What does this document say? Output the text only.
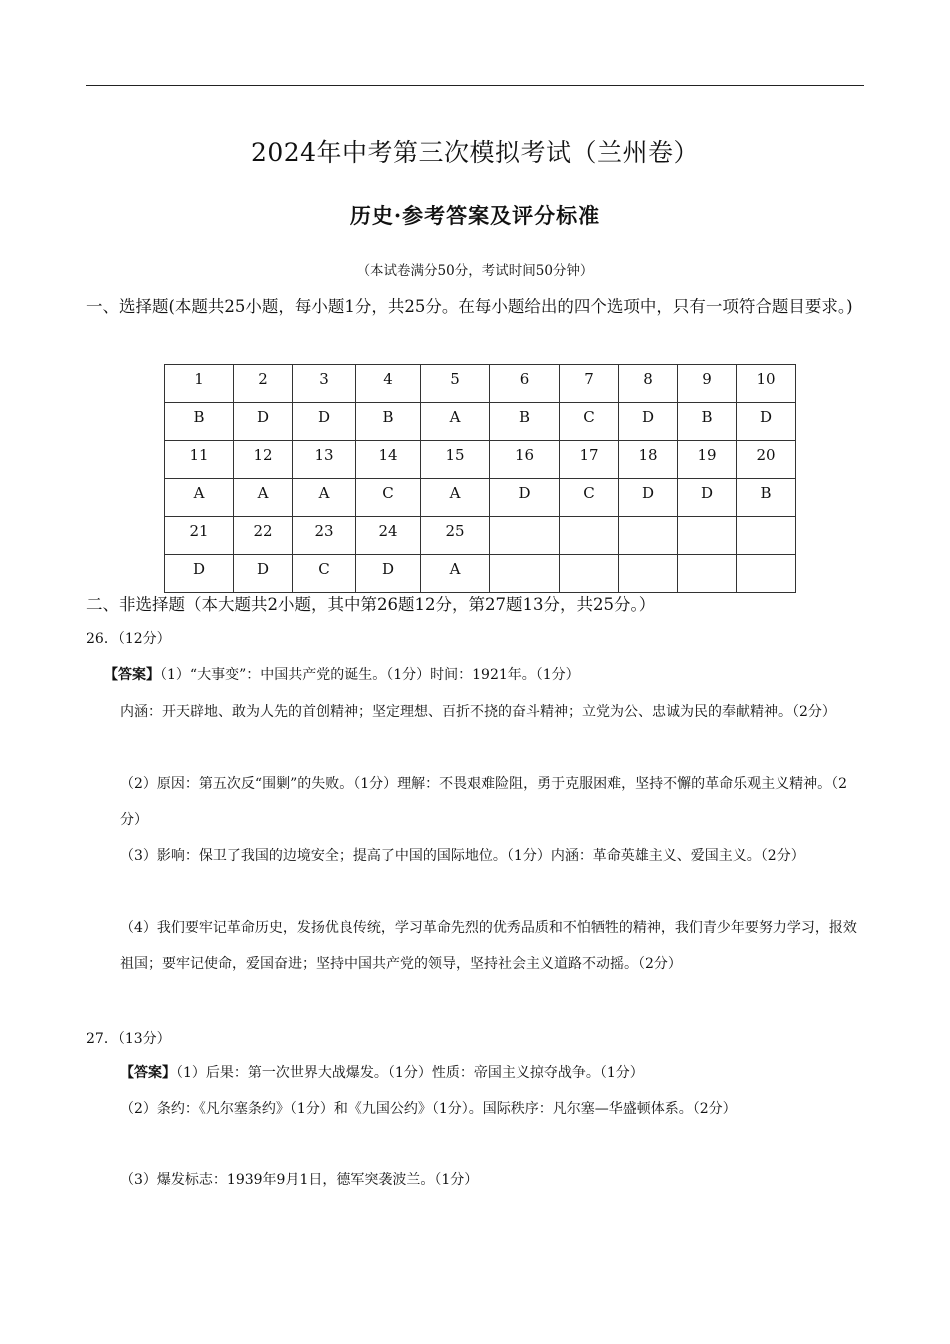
2024年中考第三次模拟考试（兰州卷）
历史·参考答案及评分标准
（本试卷满分50分，考试时间50分钟）
一、选择题(本题共25小题，每小题1分，共25分。在每小题给出的四个选项中，只有一项符合题目要求。)
1	2	3	4	5	6	7	8	9	10
B	D	D	B	A	B	C	D	B	D
11	12	13	14	15	16	17	18	19	20
A	A	A	C	A	D	C	D	D	B
21	22	23	24	25					
D	D	C	D	A					
二、非选择题（本大题共2小题，其中第26题12分，第27题13分，共25分。）
26．（12分）
【答案】（1）“大事变”：中国共产党的诞生。（1分）时间：1921年。（1分）
内涵：开天辟地、敢为人先的首创精神；坚定理想、百折不挠的奋斗精神；立党为公、忠诚为民的奉献精神。（2分）
（2）原因：第五次反“围剿”的失败。（1分）理解：不畏艰难险阻，勇于克服困难，坚持不懈的革命乐观主义精神。（2分）
（3）影响：保卫了我国的边境安全；提高了中国的国际地位。（1分）内涵：革命英雄主义、爱国主义。（2分）
（4）我们要牢记革命历史，发扬优良传统，学习革命先烈的优秀品质和不怕牺牲的精神，我们青少年要努力学习，报效祖国；要牢记使命，爱国奋进；坚持中国共产党的领导，坚持社会主义道路不动摇。（2分）
27．（13分）
【答案】（1）后果：第一次世界大战爆发。（1分）性质：帝国主义掠夺战争。（1分）
（2）条约：《凡尔塞条约》（1分）和《九国公约》（1分）。国际秩序：凡尔塞—华盛顿体系。（2分）
（3）爆发标志：1939年9月1日，德军突袭波兰。（1分）
